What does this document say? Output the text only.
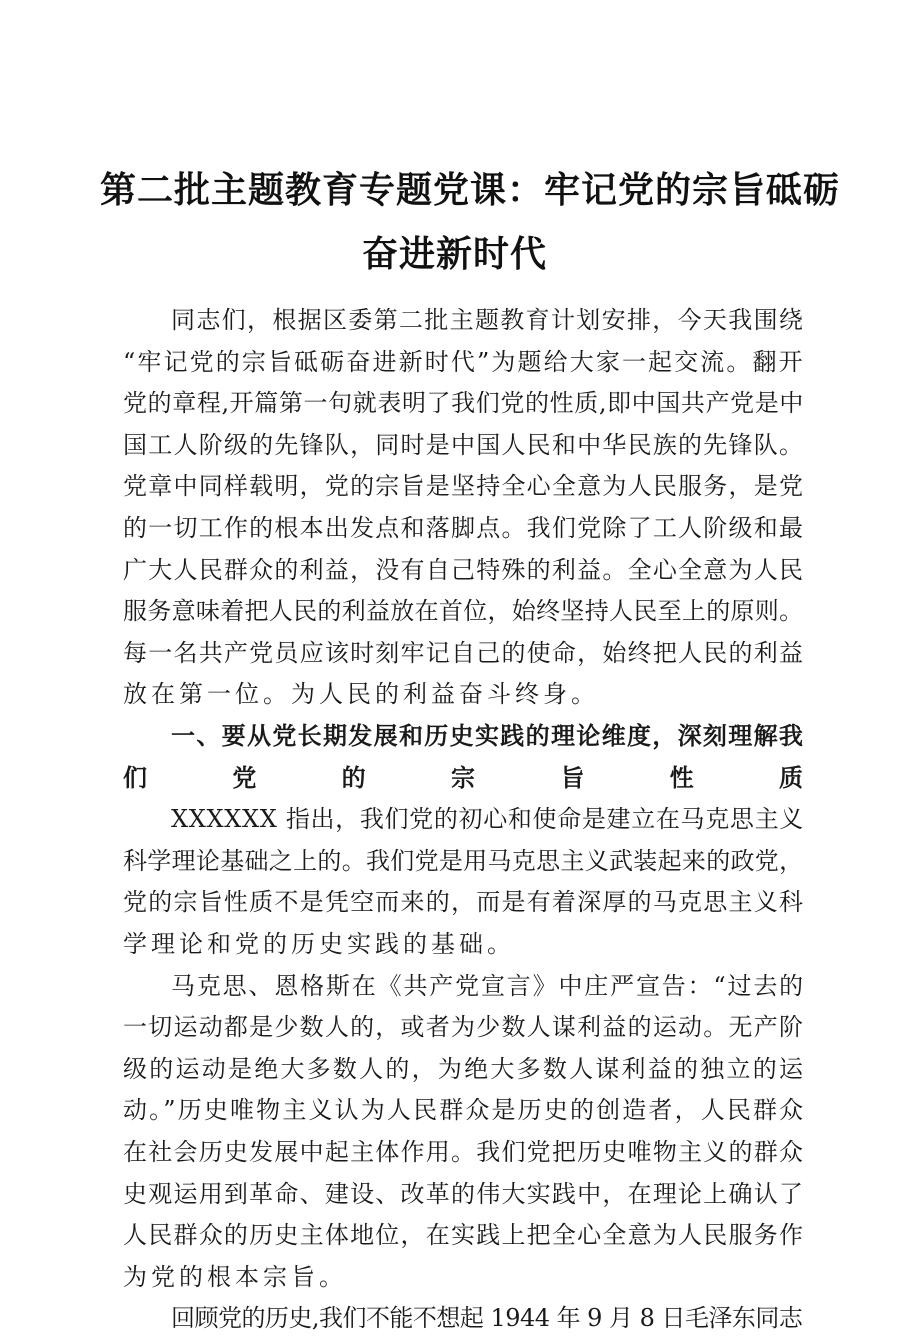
第二批主题教育专题党课：牢记党的宗旨砥砺
奋进新时代
同志们，根据区委第二批主题教育计划安排，今天我围绕
“牢记党的宗旨砥砺奋进新时代”为题给大家一起交流。翻开
党的章程,开篇第一句就表明了我们党的性质,即中国共产党是中
国工人阶级的先锋队，同时是中国人民和中华民族的先锋队。
党章中同样载明，党的宗旨是坚持全心全意为人民服务，是党
的一切工作的根本出发点和落脚点。我们党除了工人阶级和最
广大人民群众的利益，没有自己特殊的利益。全心全意为人民
服务意味着把人民的利益放在首位，始终坚持人民至上的原则。
每一名共产党员应该时刻牢记自己的使命，始终把人民的利益
放在第一位。为人民的利益奋斗终身。
一、要从党长期发展和历史实践的理论维度，深刻理解我
们党的宗旨性质
XXXXXX 指出，我们党的初心和使命是建立在马克思主义
科学理论基础之上的。我们党是用马克思主义武装起来的政党，
党的宗旨性质不是凭空而来的，而是有着深厚的马克思主义科
学理论和党的历史实践的基础。
马克思、恩格斯在《共产党宣言》中庄严宣告：“过去的
一切运动都是少数人的，或者为少数人谋利益的运动。无产阶
级的运动是绝大多数人的，为绝大多数人谋利益的独立的运
动。”历史唯物主义认为人民群众是历史的创造者，人民群众
在社会历史发展中起主体作用。我们党把历史唯物主义的群众
史观运用到革命、建设、改革的伟大实践中，在理论上确认了
人民群众的历史主体地位，在实践上把全心全意为人民服务作
为党的根本宗旨。
回顾党的历史,我们不能不想起 1944 年 9 月 8 日毛泽东同志
